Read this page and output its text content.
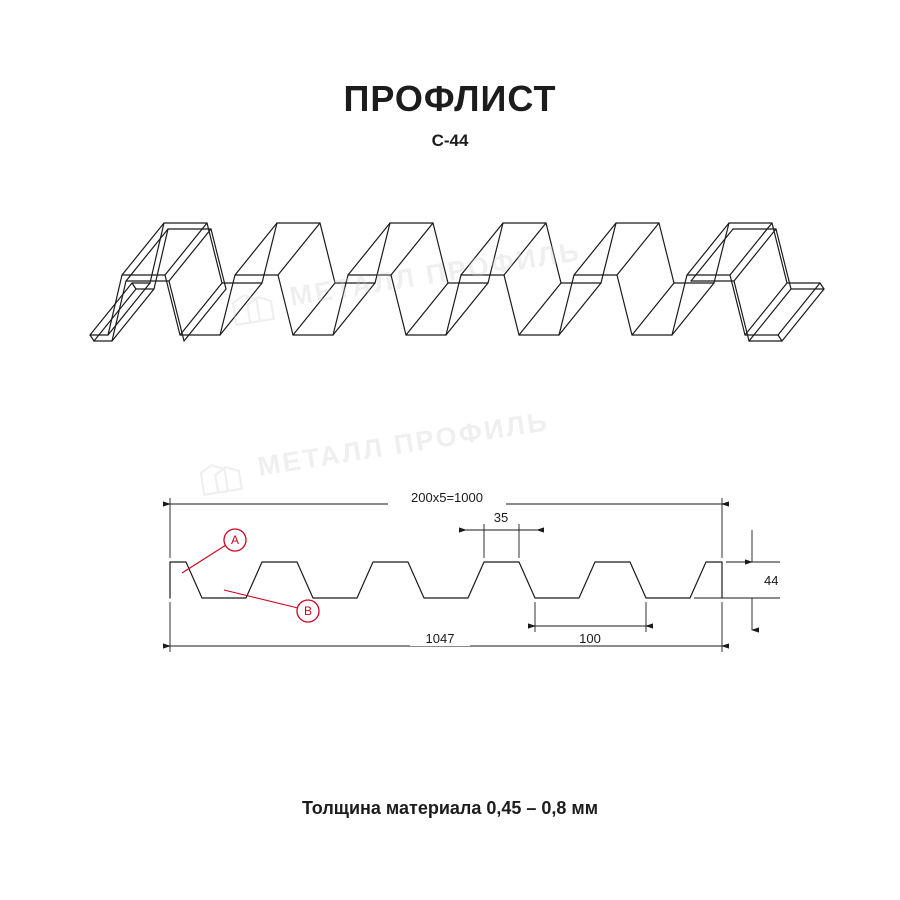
ПРОФЛИСТ
С-44
МЕТАЛЛ ПРОФИЛЬ
МЕТАЛЛ ПРОФИЛЬ
200x5=1000
35
100
44
1047
A
B
Толщина материала 0,45 – 0,8 мм
